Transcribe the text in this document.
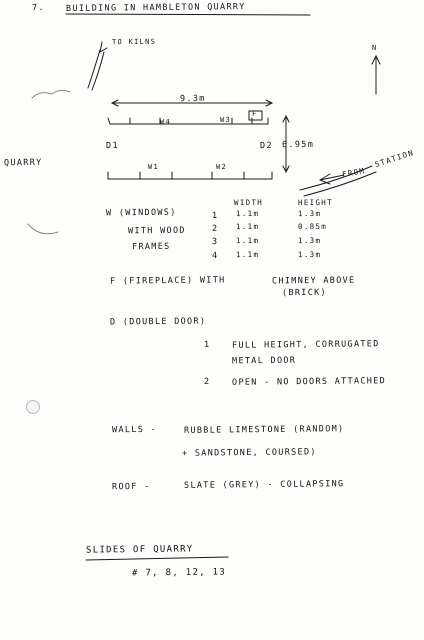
7. BUILDING IN HAMBLETON QUARRY
TO KILNS
N
9.3m
W4	W3
F
D1	D2 6.95m
QUARRY	STATION
FROM
W1	W2
W (WINDOWS)
WITH WOOD
FRAMES
WIDTH	HEIGHT
1 1.1m	1.3m
2 1.1m	0.85m
3 1.1m	1.3m
4 1.1m	1.3m
F (FIREPLACE) WITH	CHIMNEY ABOVE
(BRICK)
D (DOUBLE DOOR)
1	FULL HEIGHT, CORRUGATED
METAL DOOR
2	OPEN - NO DOORS ATTACHED
WALLS -	RUBBLE LIMESTONE (RANDOM)
+ SANDSTONE, COURSED)
ROOF -	SLATE (GREY) - COLLAPSING
SLIDES OF QUARRY
# 7, 8, 12, 13
